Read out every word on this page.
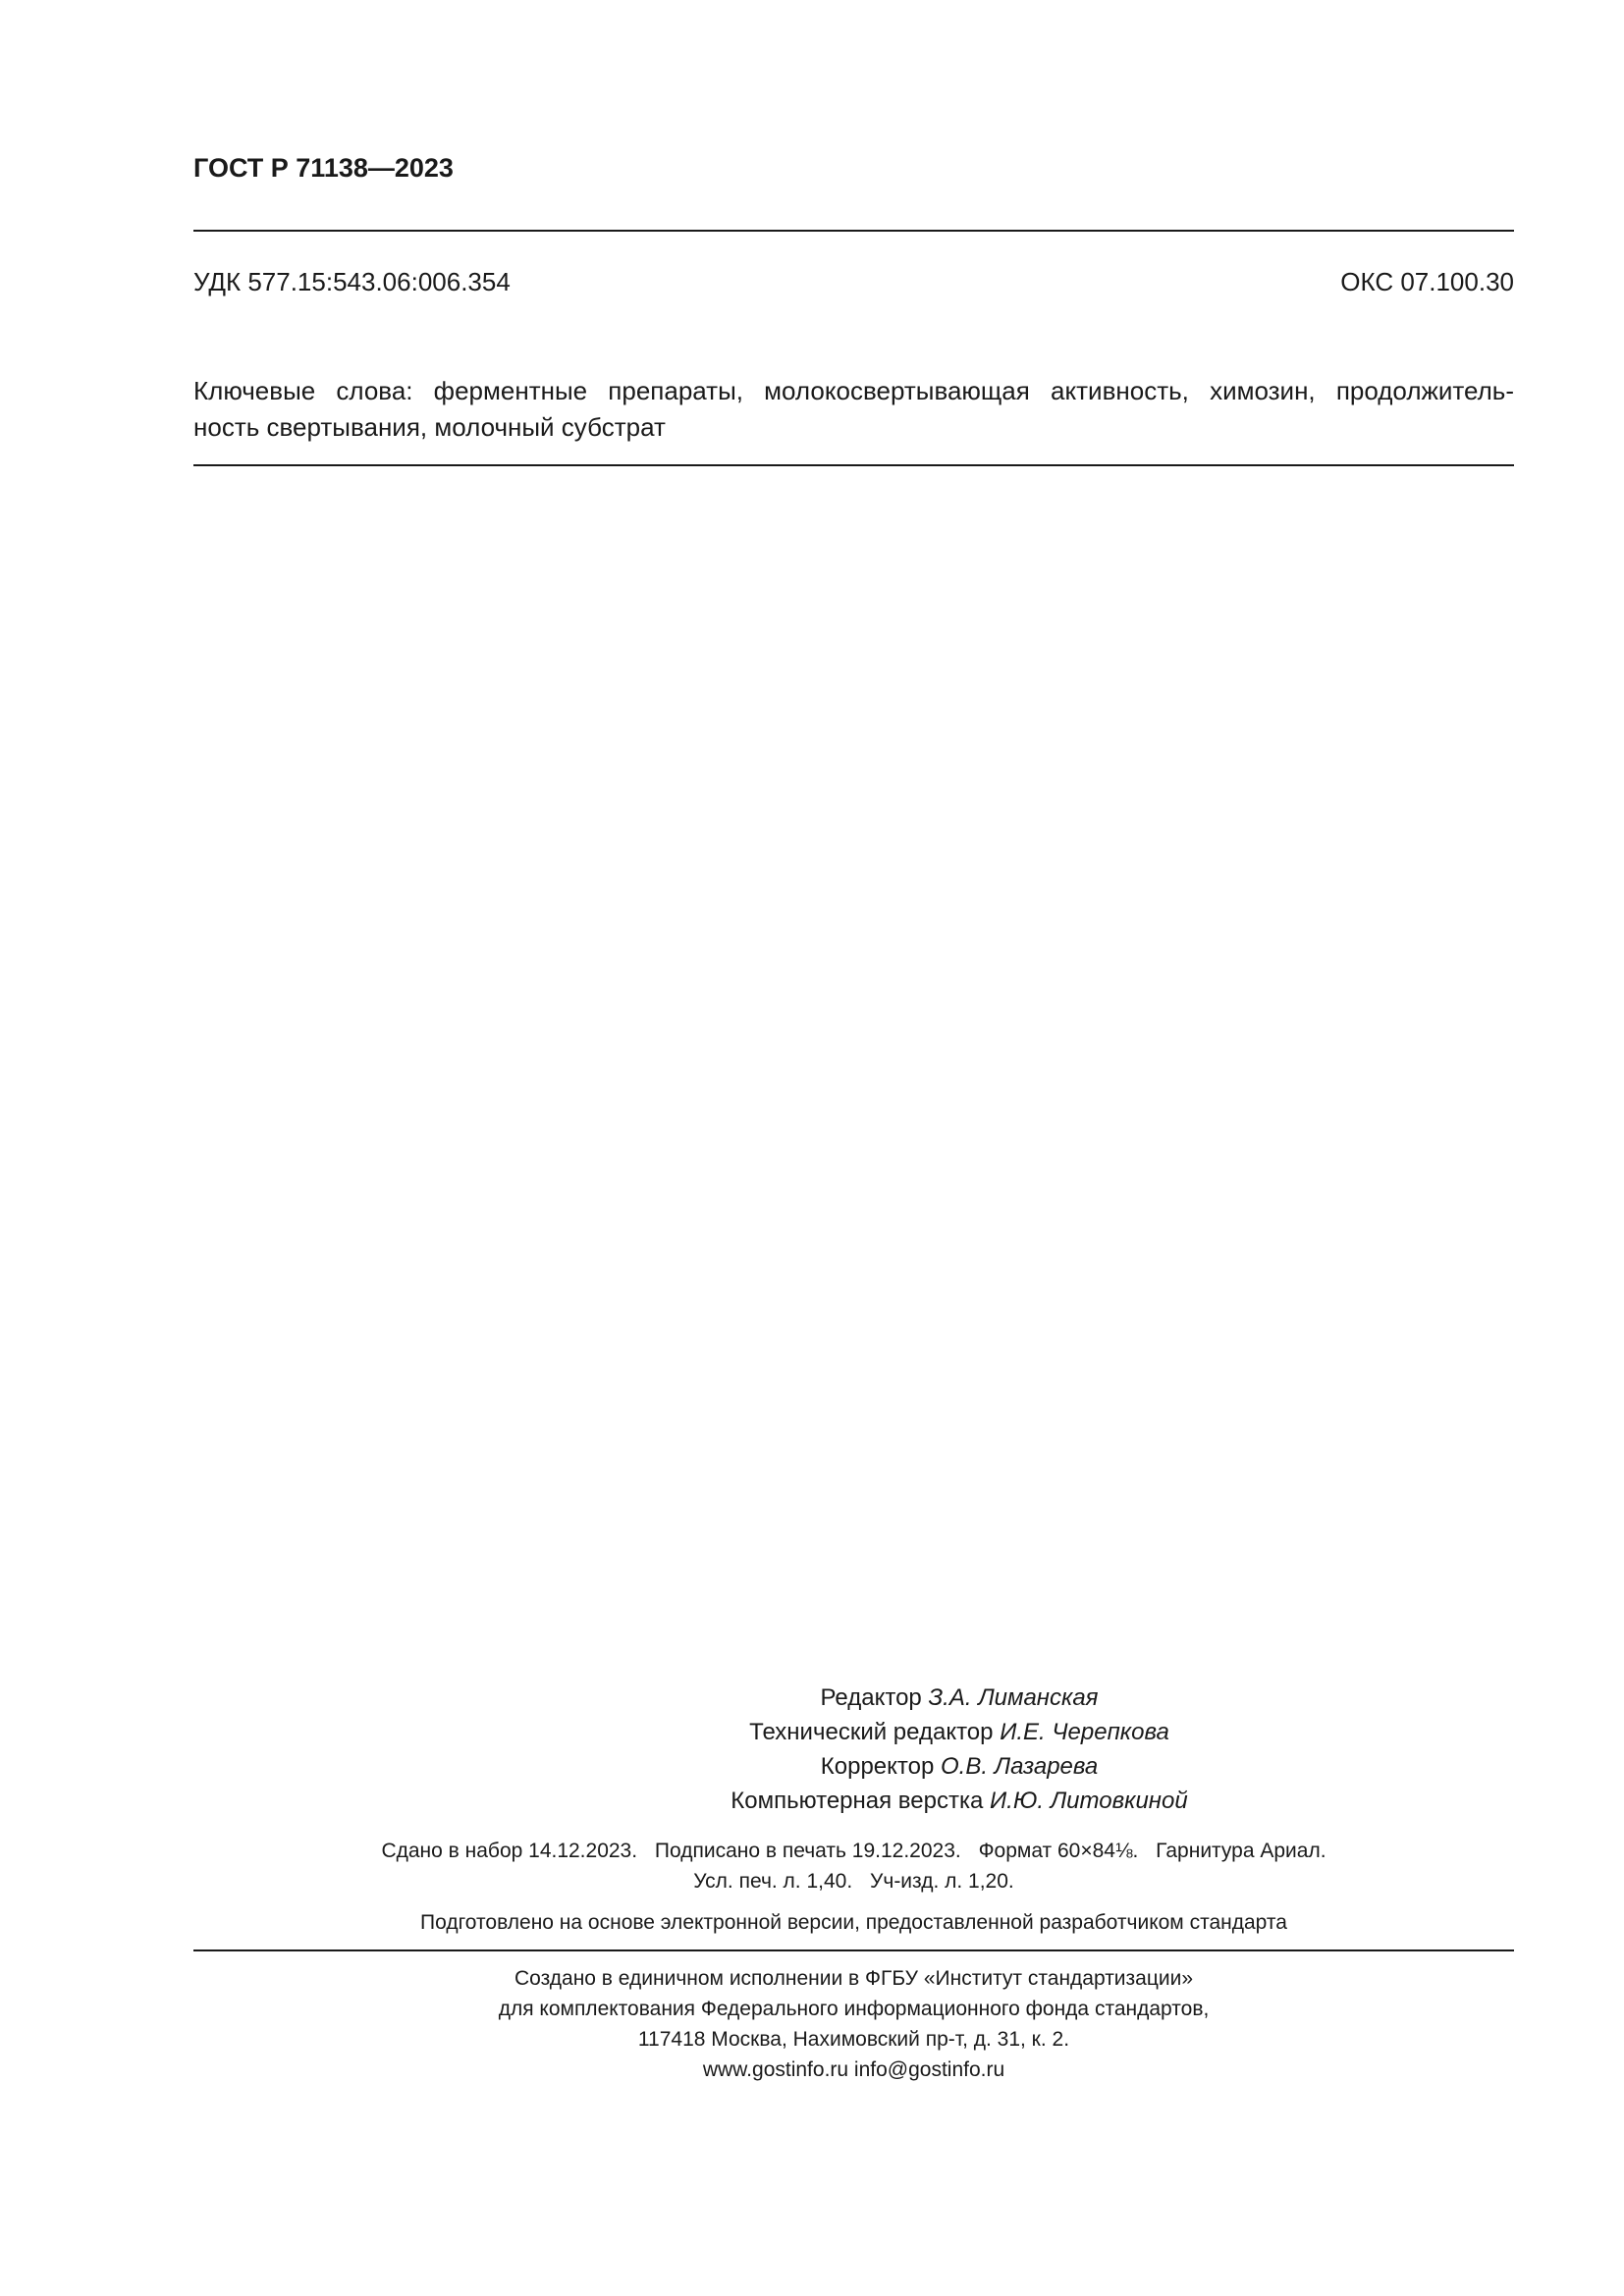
ГОСТ Р 71138—2023
УДК 577.15:543.06:006.354	ОКС 07.100.30
Ключевые слова: ферментные препараты, молокосвертывающая активность, химозин, продолжитель-
ность свертывания, молочный субстрат
Редактор З.А. Лиманская
Технический редактор И.Е. Черепкова
Корректор О.В. Лазарева
Компьютерная верстка И.Ю. Литовкиной
Сдано в набор 14.12.2023. Подписано в печать 19.12.2023. Формат 60×84⅛. Гарнитура Ариал.
Усл. печ. л. 1,40. Уч-изд. л. 1,20.
Подготовлено на основе электронной версии, предоставленной разработчиком стандарта
Создано в единичном исполнении в ФГБУ «Институт стандартизации»
для комплектования Федерального информационного фонда стандартов,
117418 Москва, Нахимовский пр-т, д. 31, к. 2.
www.gostinfo.ru info@gostinfo.ru
